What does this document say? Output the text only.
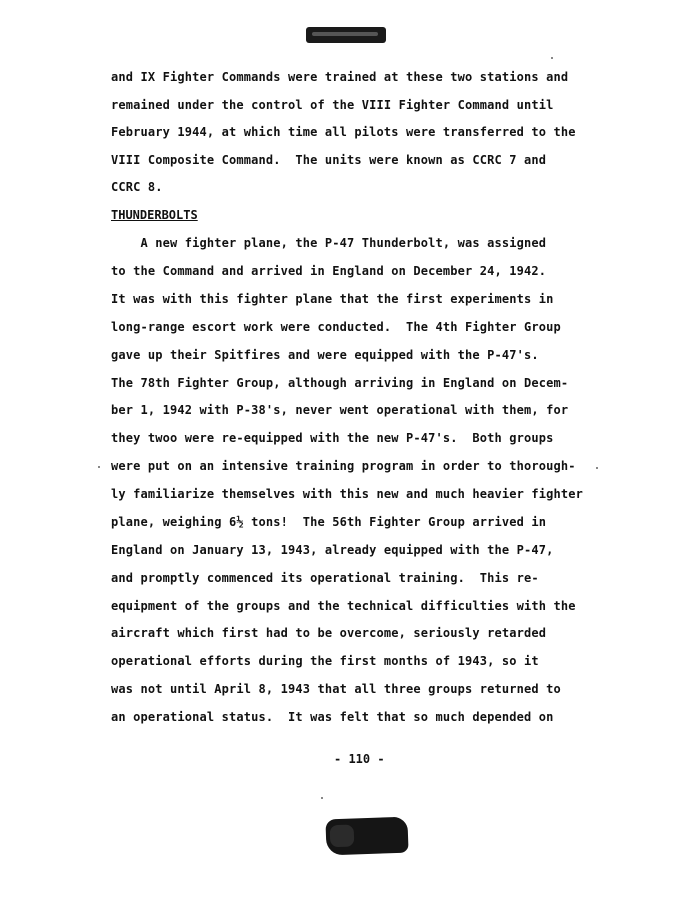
and IX Fighter Commands were trained at these two stations and
remained under the control of the VIII Fighter Command until
February 1944, at which time all pilots were transferred to the
VIII Composite Command.  The units were known as CCRC 7 and
CCRC 8.
THUNDERBOLTS
A new fighter plane, the P-47 Thunderbolt, was assigned
to the Command and arrived in England on December 24, 1942.
It was with this fighter plane that the first experiments in
long-range escort work were conducted.  The 4th Fighter Group
gave up their Spitfires and were equipped with the P-47's.
The 78th Fighter Group, although arriving in England on Decem-
ber 1, 1942 with P-38's, never went operational with them, for
they twoo were re-equipped with the new P-47's.  Both groups
were put on an intensive training program in order to thorough-
ly familiarize themselves with this new and much heavier fighter
plane, weighing 6½ tons!  The 56th Fighter Group arrived in
England on January 13, 1943, already equipped with the P-47,
and promptly commenced its operational training.  This re-
equipment of the groups and the technical difficulties with the
aircraft which first had to be overcome, seriously retarded
operational efforts during the first months of 1943, so it
was not until April 8, 1943 that all three groups returned to
an operational status.  It was felt that so much depended on
- 110 -
